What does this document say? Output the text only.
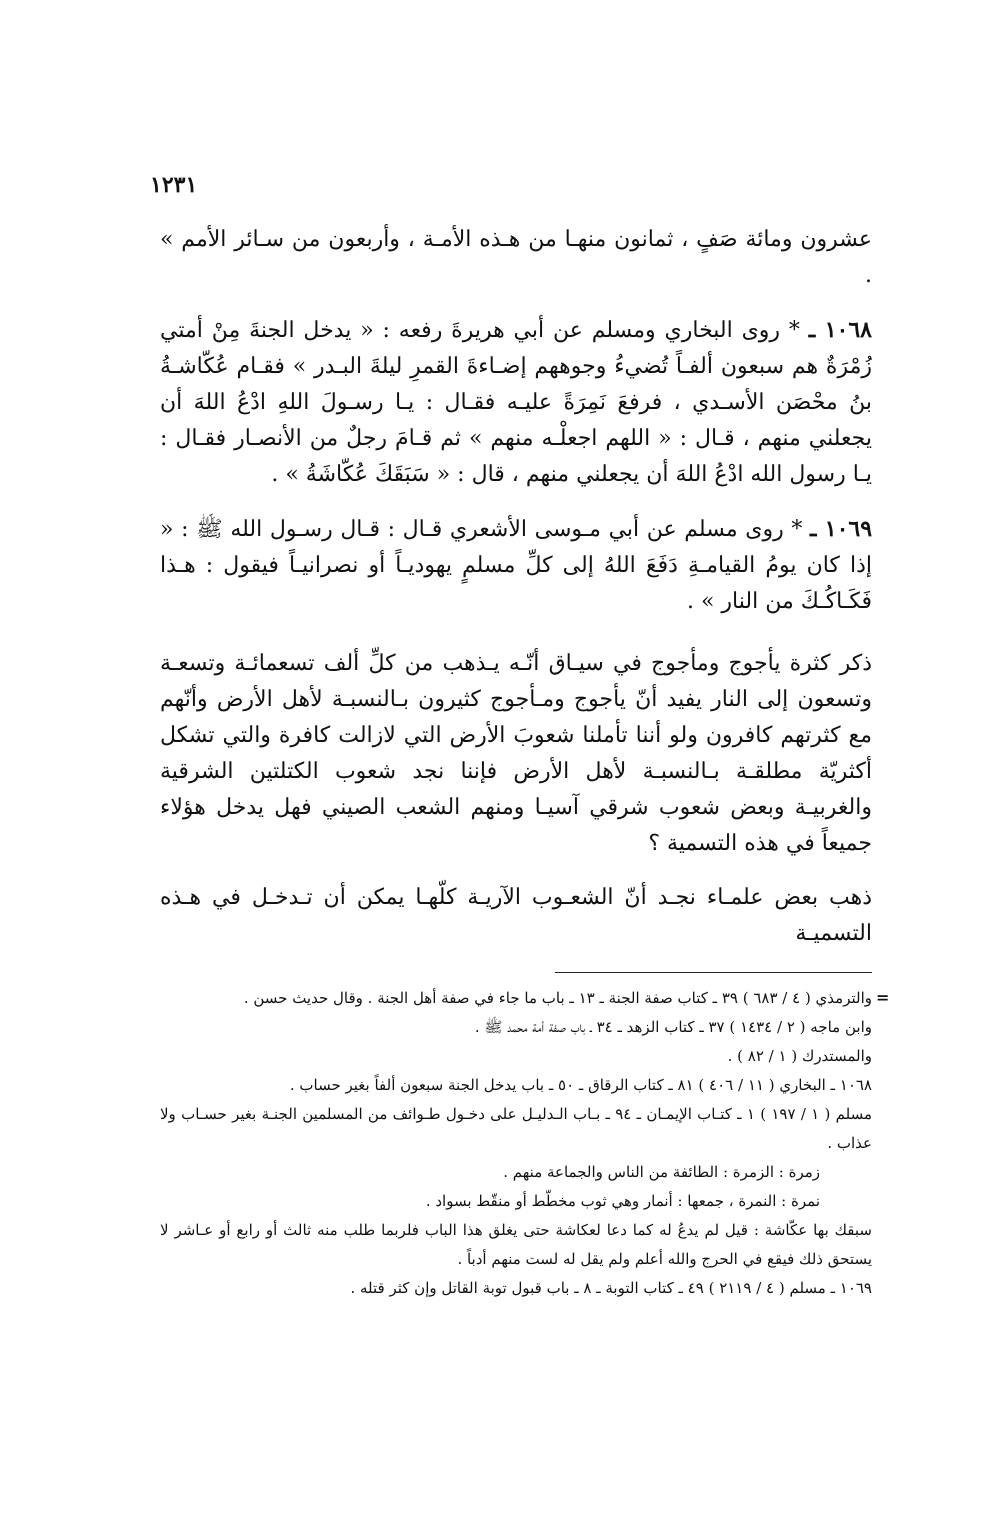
١٢٣١

عشرون ومائة صَفٍ ، ثمانون منهـا من هـذه الأمـة ، وأربعون من سـائر الأمم » .

١٠٦٨ ـ * روى البخاري ومسلم عن أبي هريرةَ رفعه : « يدخل الجنةَ مِنْ أمتي زُمْرَةٌ هم سبعون ألفـاً تُضيءُ وجوههم إضـاءةَ القمرِ ليلةَ البـدر » فقـام عُكّاشـةُ بنُ محْصَن الأسـدي ، فرفعَ نَمِرَةً عليـه فقـال : يـا رسـولَ اللهِ ادْعُ اللهَ أن يجعلني منهم ، قـال : « اللهم اجعلْـه منهم » ثم قـامَ رجلٌ من الأنصـار فقـال : يـا رسول الله ادْعُ اللهَ أن يجعلني منهم ، قال : « سَبَقَكَ عُكّاشَةُ » .

١٠٦٩ ـ * روى مسلم عن أبي مـوسى الأشعري قـال : قـال رسـول الله ﷺ : « إذا كان يومُ القيامـةِ دَفَعَ اللهُ إلى كلِّ مسلمٍ يهوديـاً أو نصرانيـاً فيقول : هـذا فَكَـاكُـكَ من النار » .

ذكر كثرة يأجوج ومأجوج في سيـاق أنّـه يـذهب من كلِّ ألف تسعمائـة وتسعـة وتسعون إلى النار يفيد أنّ يأجوج ومـأجوج كثيرون بـالنسبـة لأهل الأرض وأنّهم مع كثرتهم كافرون ولو أننا تأملنا شعوبَ الأرض التي لازالت كافرة والتي تشكل أكثريّة مطلقـة بـالنسبـة لأهل الأرض فإننا نجد شعوب الكتلتين الشرقية والغربيـة وبعض شعوب شرقي آسيـا ومنهم الشعب الصيني فهل يدخل هؤلاء جميعاً في هذه التسمية ؟

ذهب بعض علمـاء نجـد أنّ الشعـوب الآريـة كلّهـا يمكن أن تـدخـل في هـذه التسميـة

=

والترمذي ( ٤ / ٦٨٣ ) ٣٩ ـ كتاب صفة الجنة ـ ١٣ ـ باب ما جاء في صفة أهل الجنة . وقال حديث حسن .

وابن ماجه ( ٢ / ١٤٣٤ ) ٣٧ ـ كتاب الزهد ـ ٣٤ ـ باب صفة أمة محمد ﷺ .

والمستدرك ( ١ / ٨٢ ) .

١٠٦٨ ـ البخاري ( ١١ / ٤٠٦ ) ٨١ ـ كتاب الرقاق ـ ٥٠ ـ باب يدخل الجنة سبعون ألفاً بغير حساب .

مسلم ( ١ / ١٩٧ ) ١ ـ كتـاب الإيمـان ـ ٩٤ ـ بـاب الـدليـل على دخـول طـوائف من المسلمين الجنـة بغير حسـاب ولا عذاب .

زمرة : الزمرة : الطائفة من الناس والجماعة منهم .

نمرة : النمرة ، جمعها : أنمار وهي ثوب مخطّط أو منقّط بسواد .

سبقك بها عكّاشة : قيل لم يدعُ له كما دعا لعكاشة حتى يغلق هذا الباب فلربما طلب منه ثالث أو رابع أو عـاشر لا يستحق ذلك فيقع في الحرج والله أعلم ولم يقل له لست منهم أدباً .

١٠٦٩ ـ مسلم ( ٤ / ٢١١٩ ) ٤٩ ـ كتاب التوبة ـ ٨ ـ باب قبول توبة القاتل وإن كثر قتله .
